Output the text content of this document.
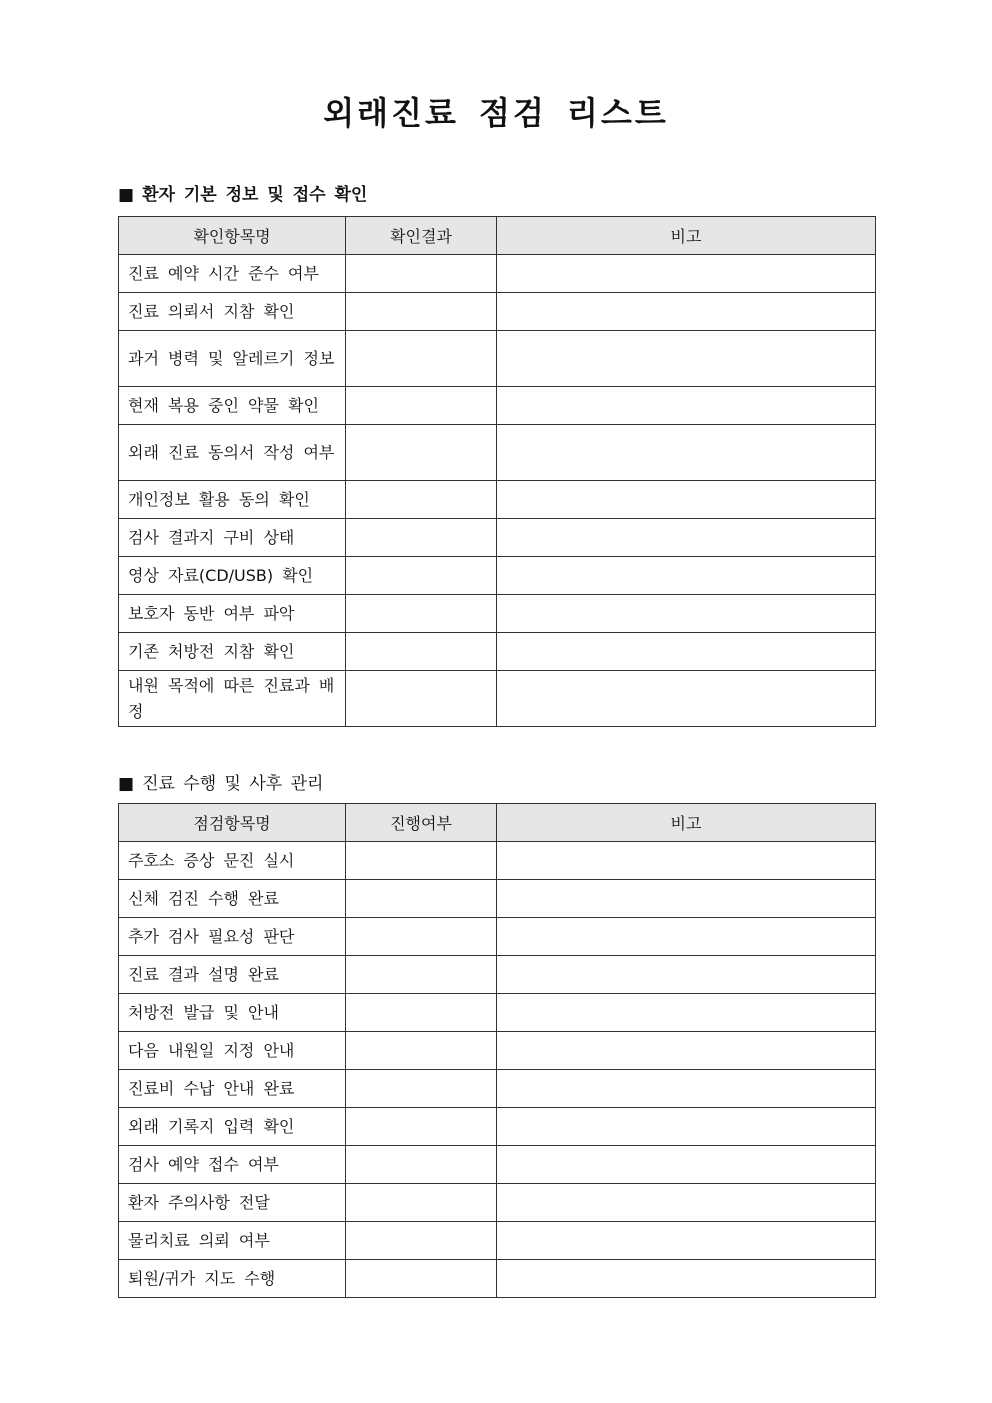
외래진료 점검 리스트
■ 환자 기본 정보 및 접수 확인
확인항목명	확인결과	비고
진료 예약 시간 준수 여부		
진료 의뢰서 지참 확인		
과거 병력 및 알레르기 정보		
현재 복용 중인 약물 확인		
외래 진료 동의서 작성 여부		
개인정보 활용 동의 확인		
검사 결과지 구비 상태		
영상 자료(CD/USB) 확인		
보호자 동반 여부 파악		
기존 처방전 지참 확인		
내원 목적에 따른 진료과 배정		
■ 진료 수행 및 사후 관리
점검항목명	진행여부	비고
주호소 증상 문진 실시		
신체 검진 수행 완료		
추가 검사 필요성 판단		
진료 결과 설명 완료		
처방전 발급 및 안내		
다음 내원일 지정 안내		
진료비 수납 안내 완료		
외래 기록지 입력 확인		
검사 예약 접수 여부		
환자 주의사항 전달		
물리치료 의뢰 여부		
퇴원/귀가 지도 수행		
